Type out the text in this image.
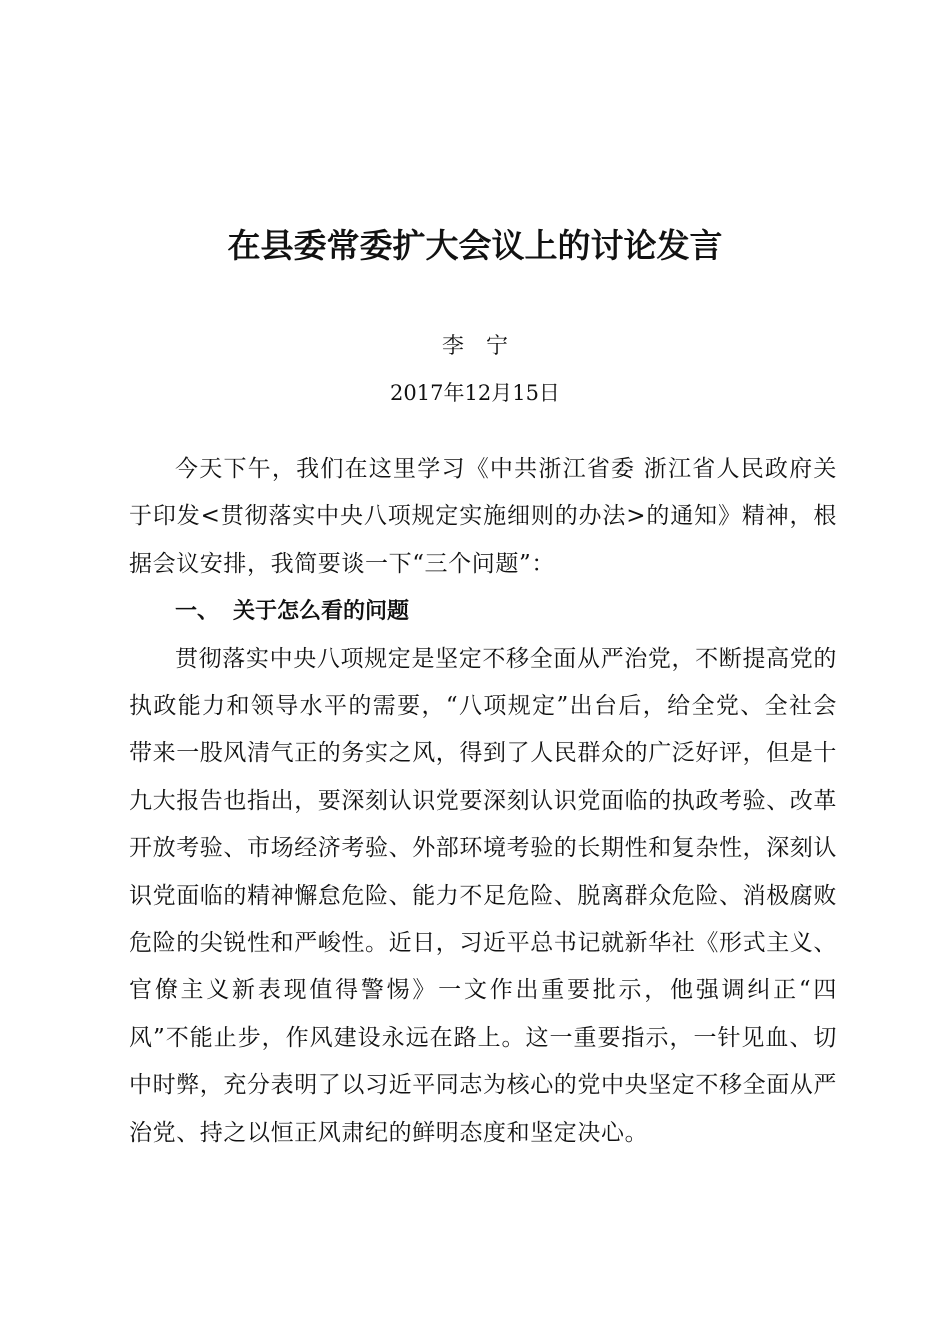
在县委常委扩大会议上的讨论发言
李 宁
2017年12月15日

今天下午，我们在这里学习《中共浙江省委 浙江省人民政府关于印发<贯彻落实中央八项规定实施细则的办法>的通知》精神，根据会议安排，我简要谈一下“三个问题”：

一、 关于怎么看的问题

贯彻落实中央八项规定是坚定不移全面从严治党，不断提高党的执政能力和领导水平的需要，“八项规定”出台后，给全党、全社会带来一股风清气正的务实之风，得到了人民群众的广泛好评，但是十九大报告也指出，要深刻认识党要深刻认识党面临的执政考验、改革开放考验、市场经济考验、外部环境考验的长期性和复杂性，深刻认识党面临的精神懈怠危险、能力不足危险、脱离群众危险、消极腐败危险的尖锐性和严峻性。近日，习近平总书记就新华社《形式主义、官僚主义新表现值得警惕》一文作出重要批示，他强调纠正“四风”不能止步，作风建设永远在路上。这一重要指示，一针见血、切中时弊，充分表明了以习近平同志为核心的党中央坚定不移全面从严治党、持之以恒正风肃纪的鲜明态度和坚定决心。
